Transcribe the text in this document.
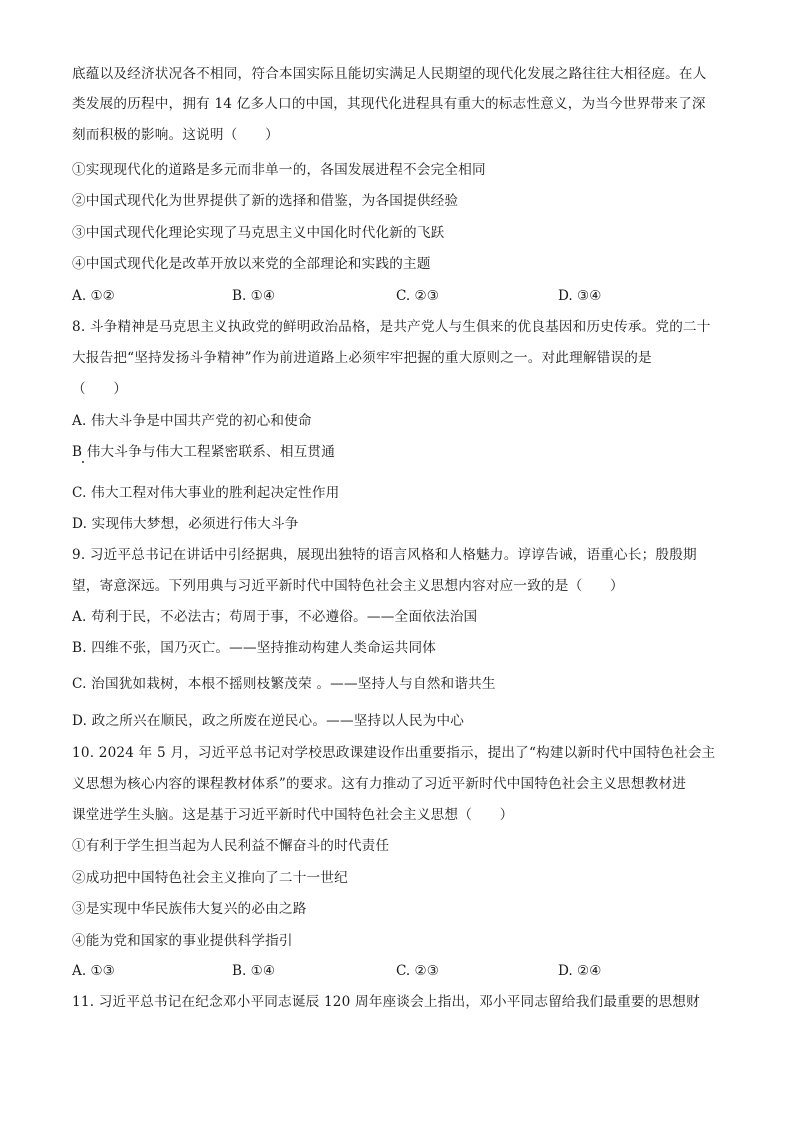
底蕴以及经济状况各不相同，符合本国实际且能切实满足人民期望的现代化发展之路往往大相径庭。在人
类发展的历程中，拥有 14 亿多人口的中国，其现代化进程具有重大的标志性意义，为当今世界带来了深
刻而积极的影响。这说明（　　）
①实现现代化的道路是多元而非单一的，各国发展进程不会完全相同
②中国式现代化为世界提供了新的选择和借鉴，为各国提供经验
③中国式现代化理论实现了马克思主义中国化时代化新的飞跃
④中国式现代化是改革开放以来党的全部理论和实践的主题
A. ①②	B. ①④	C. ②③	D. ③④
8. 斗争精神是马克思主义执政党的鲜明政治品格，是共产党人与生俱来的优良基因和历史传承。党的二十
大报告把“坚持发扬斗争精神”作为前进道路上必须牢牢把握的重大原则之一。对此理解错误的是
（　　）
A. 伟大斗争是中国共产党的初心和使命
B 伟大斗争与伟大工程紧密联系、相互贯通
C. 伟大工程对伟大事业的胜利起决定性作用
D. 实现伟大梦想，必须进行伟大斗争
9. 习近平总书记在讲话中引经据典，展现出独特的语言风格和人格魅力。谆谆告诫，语重心长；殷殷期
望，寄意深远。下列用典与习近平新时代中国特色社会主义思想内容对应一致的是（　　）
A. 苟利于民，不必法古；苟周于事，不必遵俗。——全面依法治国
B. 四维不张，国乃灭亡。——坚持推动构建人类命运共同体
C. 治国犹如栽树，本根不摇则枝繁茂荣 。——坚持人与自然和谐共生
D. 政之所兴在顺民，政之所废在逆民心。——坚持以人民为中心
10. 2024 年 5 月，习近平总书记对学校思政课建设作出重要指示，提出了“构建以新时代中国特色社会主
义思想为核心内容的课程教材体系”的要求。这有力推动了习近平新时代中国特色社会主义思想教材进
课堂进学生头脑。这是基于习近平新时代中国特色社会主义思想（　　）
①有利于学生担当起为人民利益不懈奋斗的时代责任
②成功把中国特色社会主义推向了二十一世纪
③是实现中华民族伟大复兴的必由之路
④能为党和国家的事业提供科学指引
A. ①③	B. ①④	C. ②③	D. ②④
11. 习近平总书记在纪念邓小平同志诞辰 120 周年座谈会上指出，邓小平同志留给我们最重要的思想财
